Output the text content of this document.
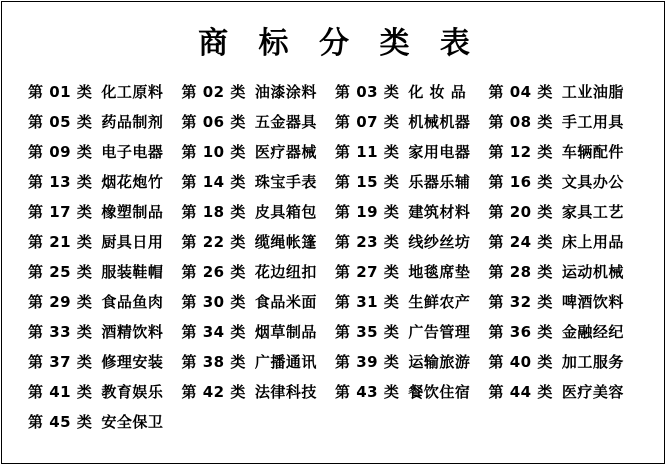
商 标 分 类 表
第 01 类 化工原料 第 02 类 油漆涂料 第 03 类 化 妆 品 第 04 类 工业油脂
第 05 类 药品制剂 第 06 类 五金器具 第 07 类 机械机器 第 08 类 手工用具
第 09 类 电子电器 第 10 类 医疗器械 第 11 类 家用电器 第 12 类 车辆配件
第 13 类 烟花炮竹 第 14 类 珠宝手表 第 15 类 乐器乐辅 第 16 类 文具办公
第 17 类 橡塑制品 第 18 类 皮具箱包 第 19 类 建筑材料 第 20 类 家具工艺
第 21 类 厨具日用 第 22 类 缆绳帐篷 第 23 类 线纱丝坊 第 24 类 床上用品
第 25 类 服装鞋帽 第 26 类 花边纽扣 第 27 类 地毯席垫 第 28 类 运动机械
第 29 类 食品鱼肉 第 30 类 食品米面 第 31 类 生鲜农产 第 32 类 啤酒饮料
第 33 类 酒精饮料 第 34 类 烟草制品 第 35 类 广告管理 第 36 类 金融经纪
第 37 类 修理安装 第 38 类 广播通讯 第 39 类 运输旅游 第 40 类 加工服务
第 41 类 教育娱乐 第 42 类 法律科技 第 43 类 餐饮住宿 第 44 类 医疗美容
第 45 类 安全保卫
